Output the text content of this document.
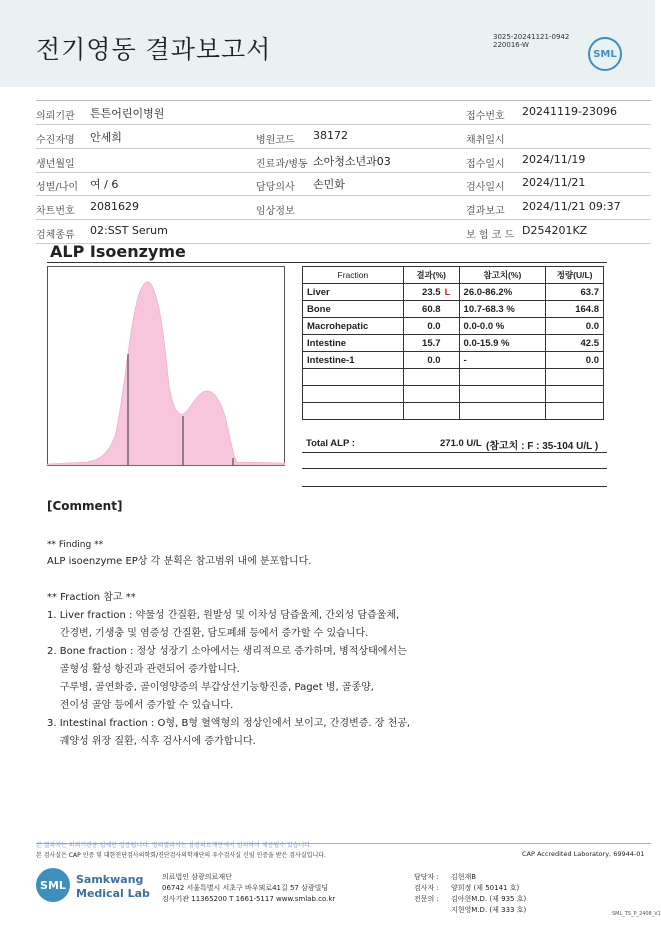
전기영동 결과보고서	3025-20241121-0942
220016-W
SML
의뢰기관 튼튼어린이병원	접수번호 20241119-23096
수진자명 안세희	병원코드 38172	채취일시
생년월일	진료과/병동 소아청소년과03	접수일시 2024/11/19
성별/나이 여 / 6	담당의사 손민화	검사일시 2024/11/21
차트번호 2081629	임상정보	결과보고 2024/11/21 09:37
검체종류 02:SST Serum	보 험 코 드 D254201KZ
ALP Isoenzyme
Fraction	결과(%)	참고치(%)	정량(U/L)
Liver	23.5 L	26.0-86.2%	63.7
Bone	60.8	10.7-68.3 %	164.8
Macrohepatic	0.0	0.0-0.0 %	0.0
Intestine	15.7	0.0-15.9 %	42.5
Intestine-1	0.0	-	0.0

Total ALP :	271.0 U/L (참고치 : F : 35-104 U/L )
[Comment]
** Finding **
ALP isoenzyme EP상 각 분획은 참고범위 내에 분포합니다.
** Fraction 참고 **
1. Liver fraction : 약물성 간질환, 원발성 및 이차성 담즙울체, 간외성 담즙울체,
간경변, 기생충 및 염증성 간질환, 담도폐쇄 등에서 증가할 수 있습니다.
2. Bone fraction : 정상 성장기 소아에서는 생리적으로 증가하며, 병적상태에서는
골형성 활성 항진과 관련되어 증가합니다.
구루병, 골연화증, 골이영양증의 부갑상선기능항진증, Paget 병, 골종양,
전이성 골암 등에서 증가할 수 있습니다.
3. Intestinal fraction : O형, B형 혈액형의 정상인에서 보이고, 간경변증. 장 천공,
궤양성 위장 질환, 식후 검사시에 증가합니다.
본 결과지는 의뢰기관용 임에만 검증됩니다. 정리결과지는 삼광의료재단에서 임의하여 제공될수 있습니다.
본 검사실은 CAP 인증 및 대한진단검사의학회/진단검사의학재단의 우수검사실 신임 인증을 받은 검사실입니다.	CAP Accredited Laboratory, 69944-01
SML Samkwang
Medical Lab
의료법인 삼광의료재단
06742 서울특별시 서초구 바우뫼로41길 57 삼광빌딩
검사기관 11365200 T 1661-5117 www.smlab.co.kr
담당자 : 김현재B
검사자 : 양희정 (제 50141 호)
전문의 : 김아현M.D. (제 935 호)
지현영M.D. (제 333 호)	SML_TS_P_2408_V1
